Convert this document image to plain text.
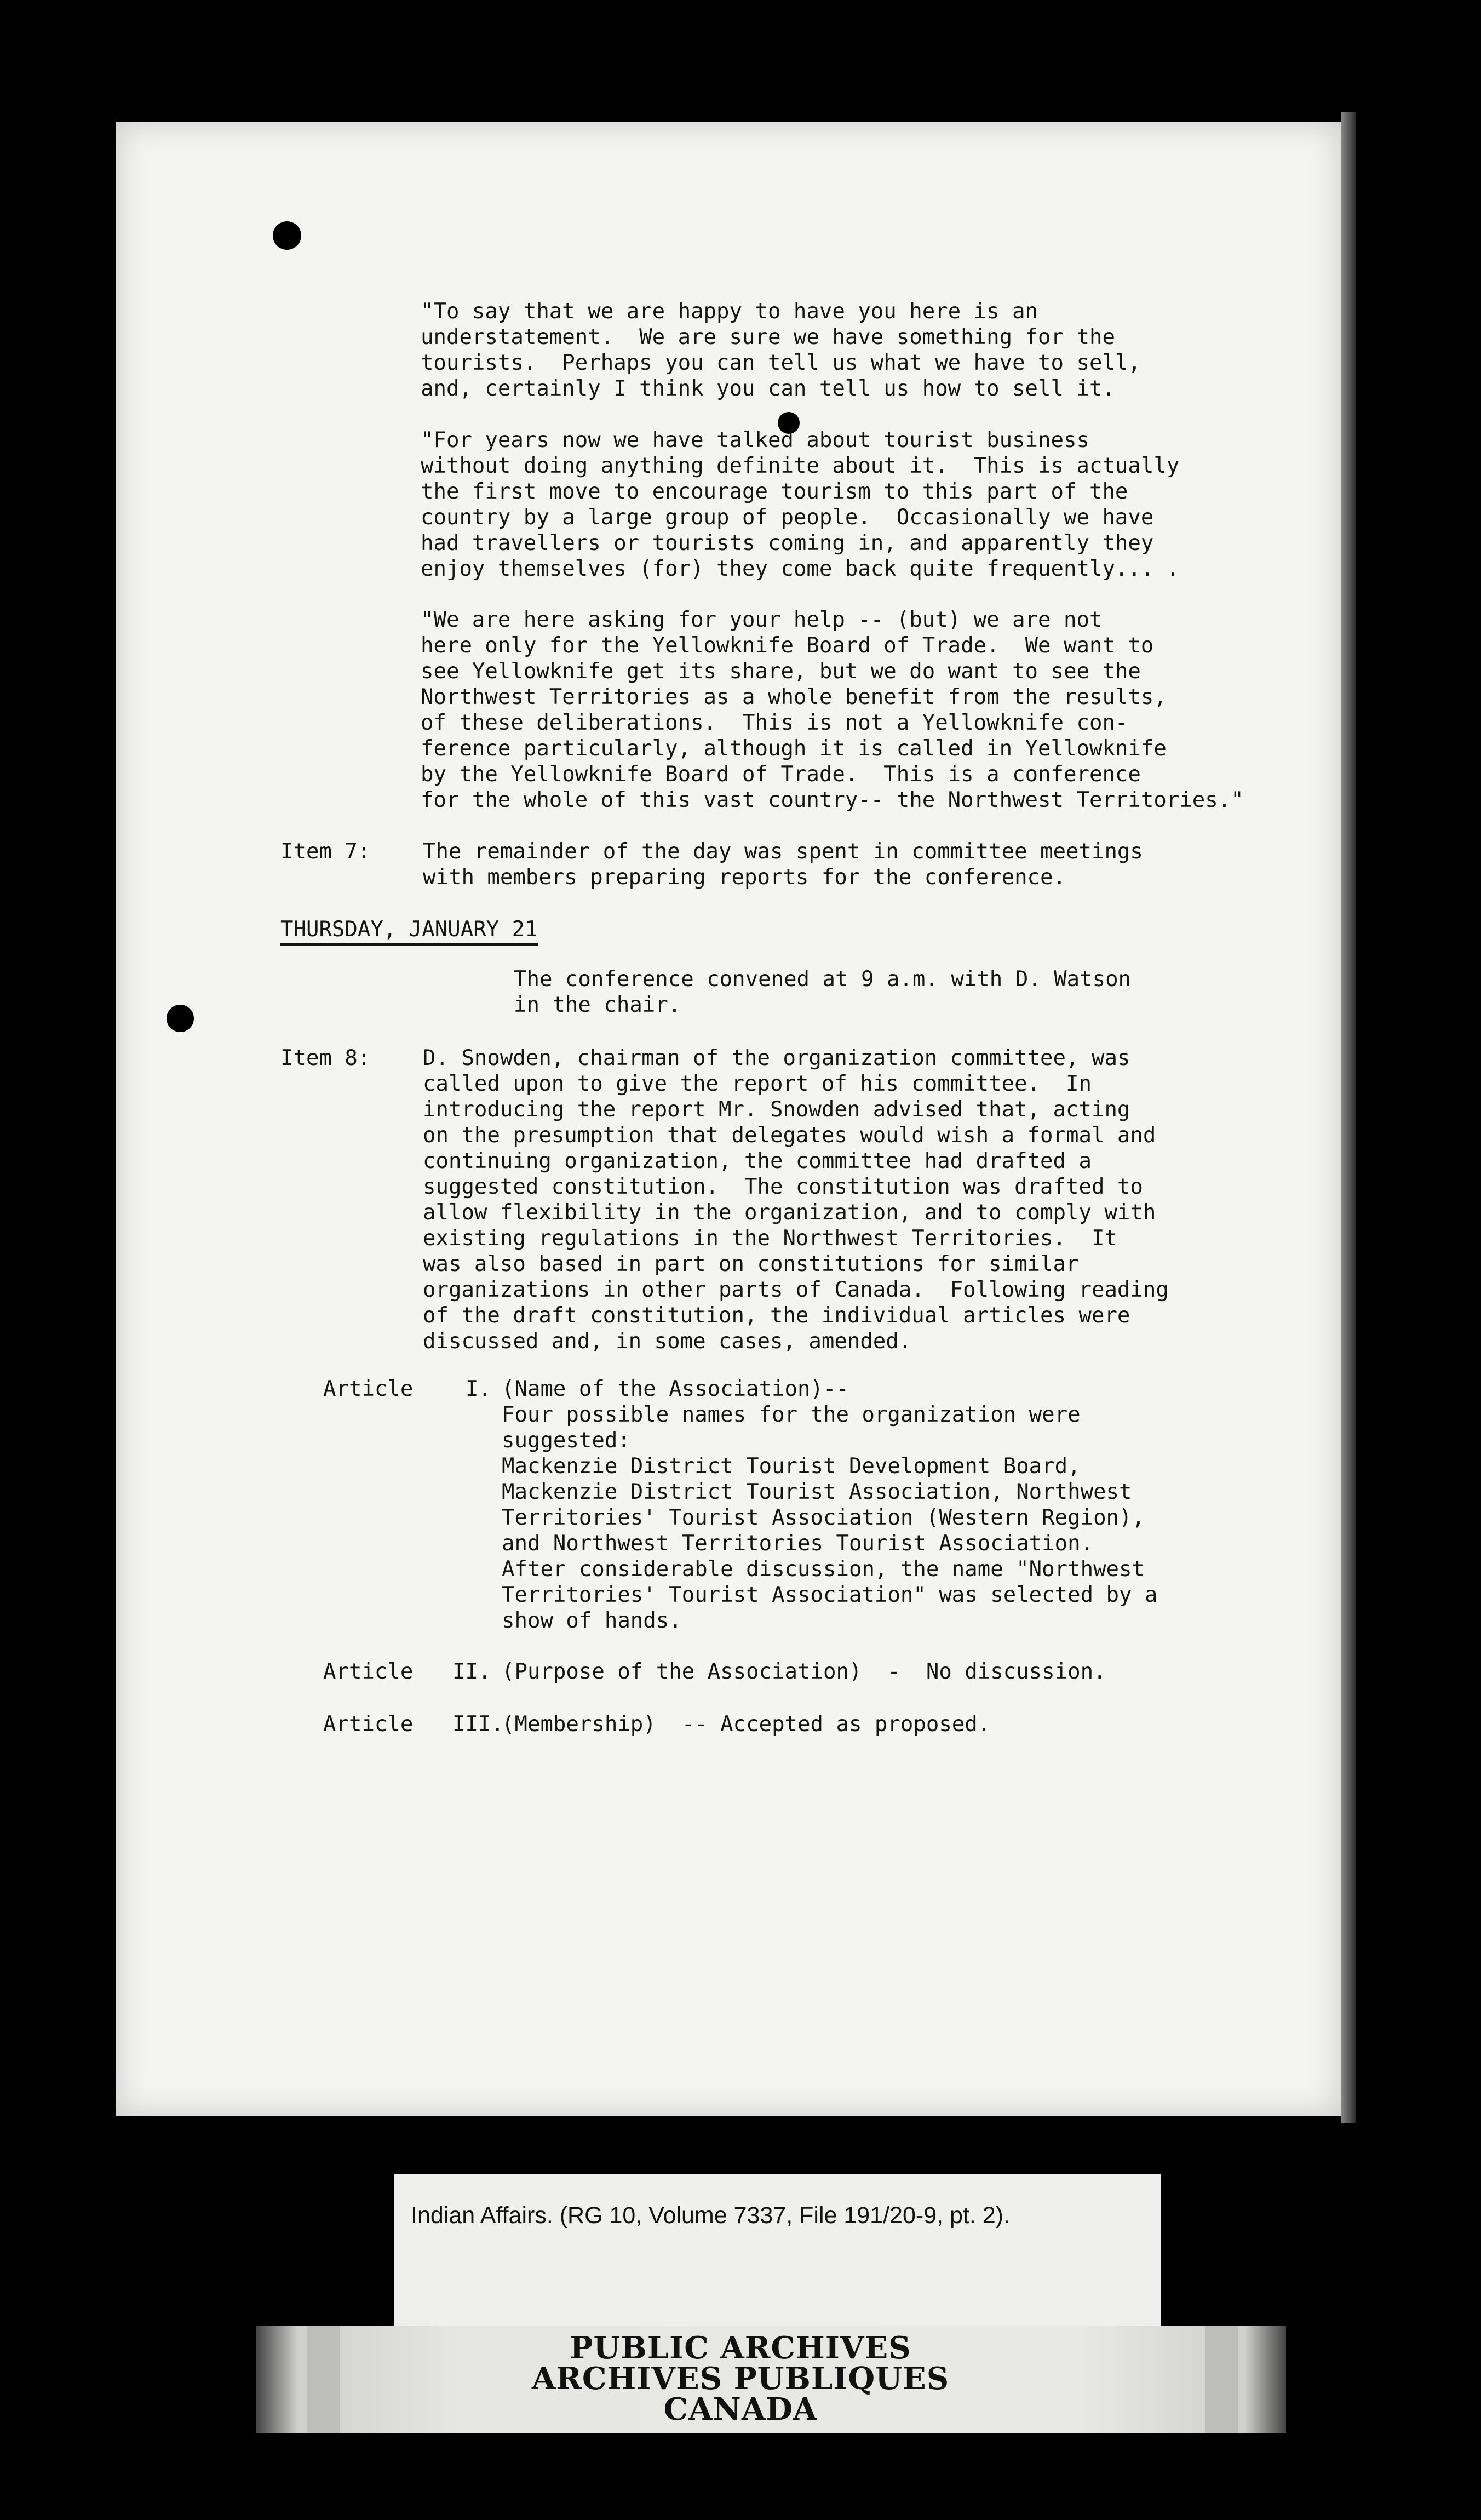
"To say that we are happy to have you here is an
understatement.  We are sure we have something for the
tourists.  Perhaps you can tell us what we have to sell,
and, certainly I think you can tell us how to sell it.

"For years now we have talked about tourist business
without doing anything definite about it.  This is actually
the first move to encourage tourism to this part of the
country by a large group of people.  Occasionally we have
had travellers or tourists coming in, and apparently they
enjoy themselves (for) they come back quite frequently... .

"We are here asking for your help -- (but) we are not
here only for the Yellowknife Board of Trade.  We want to
see Yellowknife get its share, but we do want to see the
Northwest Territories as a whole benefit from the results,
of these deliberations.  This is not a Yellowknife con-
ference particularly, although it is called in Yellowknife
by the Yellowknife Board of Trade.  This is a conference
for the whole of this vast country-- the Northwest Territories."

Item 7:

The remainder of the day was spent in committee meetings
with members preparing reports for the conference.

THURSDAY, JANUARY 21

The conference convened at 9 a.m. with D. Watson
in the chair.

Item 8:

D. Snowden, chairman of the organization committee, was
called upon to give the report of his committee.  In
introducing the report Mr. Snowden advised that, acting
on the presumption that delegates would wish a formal and
continuing organization, the committee had drafted a
suggested constitution.  The constitution was drafted to
allow flexibility in the organization, and to comply with
existing regulations in the Northwest Territories.  It
was also based in part on constitutions for similar
organizations in other parts of Canada.  Following reading
of the draft constitution, the individual articles were
discussed and, in some cases, amended.

Article

I.

(Name of the Association)--
Four possible names for the organization were
suggested:
Mackenzie District Tourist Development Board,
Mackenzie District Tourist Association, Northwest
Territories' Tourist Association (Western Region),
and Northwest Territories Tourist Association.
After considerable discussion, the name "Northwest
Territories' Tourist Association" was selected by a
show of hands.

Article

II.

(Purpose of the Association)  -  No discussion.

Article

III.

(Membership)  -- Accepted as proposed.

Indian Affairs. (RG 10, Volume 7337, File 191/20-9, pt. 2).
PUBLIC ARCHIVES
ARCHIVES PUBLIQUES
CANADA
